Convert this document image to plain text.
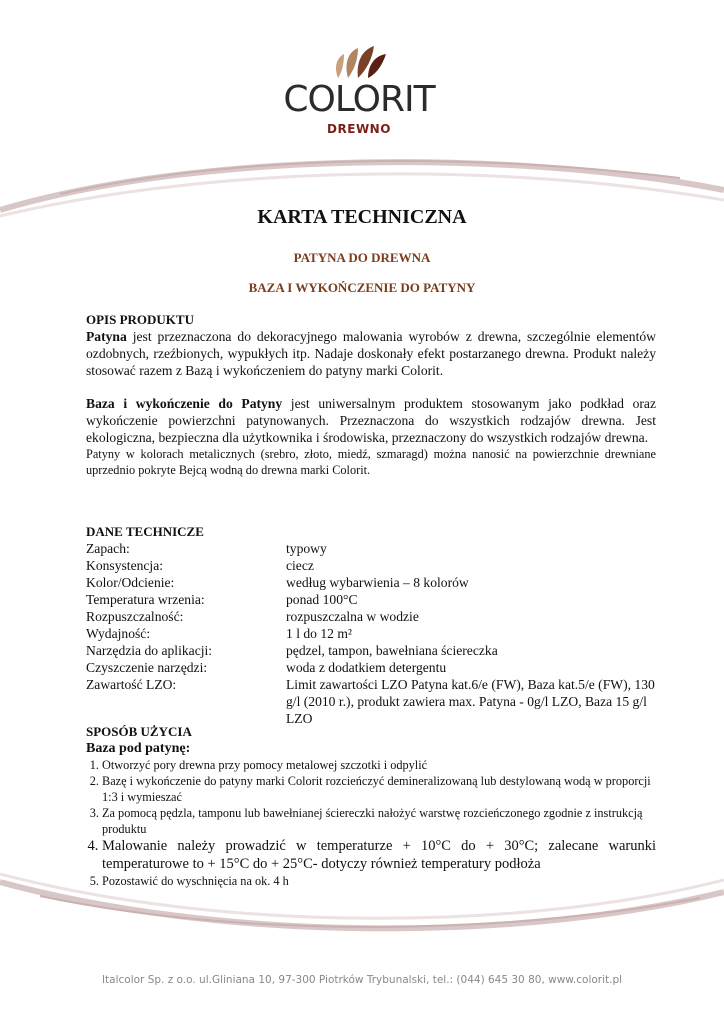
COLORIT
DREWNO
KARTA TECHNICZNA
PATYNA DO DREWNA
BAZA I WYKOŃCZENIE DO PATYNY
OPIS PRODUKTU
Patyna jest przeznaczona do dekoracyjnego malowania wyrobów z drewna, szczególnie elementów ozdobnych, rzeźbionych, wypukłych itp. Nadaje doskonały efekt postarzanego drewna. Produkt należy stosować razem z Bazą i wykończeniem do patyny marki Colorit.
Baza i wykończenie do Patyny jest uniwersalnym produktem stosowanym jako podkład oraz wykończenie powierzchni patynowanych. Przeznaczona do wszystkich rodzajów drewna. Jest ekologiczna, bezpieczna dla użytkownika i środowiska, przeznaczony do wszystkich rodzajów drewna.
Patyny w kolorach metalicznych (srebro, złoto, miedź, szmaragd) można nanosić na powierzchnie drewniane uprzednio pokryte Bejcą wodną do drewna marki Colorit.
DANE TECHNICZE
Zapach:	typowy
Konsystencja:	ciecz
Kolor/Odcienie:	według wybarwienia – 8 kolorów
Temperatura wrzenia:	ponad 100°C
Rozpuszczalność:	rozpuszczalna w wodzie
Wydajność:	1 l do 12 m²
Narzędzia do aplikacji:	pędzel, tampon, bawełniana ściereczka
Czyszczenie narzędzi:	woda z dodatkiem detergentu
Zawartość LZO:	Limit zawartości LZO Patyna kat.6/e (FW), Baza kat.5/e (FW), 130 g/l (2010 r.), produkt zawiera max. Patyna - 0g/l LZO, Baza 15 g/l LZO
SPOSÓB UŻYCIA
Baza pod patynę:
1. Otworzyć pory drewna przy pomocy metalowej szczotki i odpylić
2. Bazę i wykończenie do patyny marki Colorit rozcieńczyć demineralizowaną lub destylowaną wodą w proporcji 1:3 i wymieszać
3. Za pomocą pędzla, tamponu lub bawełnianej ściereczki nałożyć warstwę rozcieńczonego zgodnie z instrukcją produktu
4. Malowanie należy prowadzić w temperaturze + 10°C do + 30°C; zalecane warunki temperaturowe to + 15°C do + 25°C- dotyczy również temperatury podłoża
5. Pozostawić do wyschnięcia na ok. 4 h
Italcolor Sp. z o.o. ul.Gliniana 10, 97-300 Piotrków Trybunalski, tel.: (044) 645 30 80, www.colorit.pl
